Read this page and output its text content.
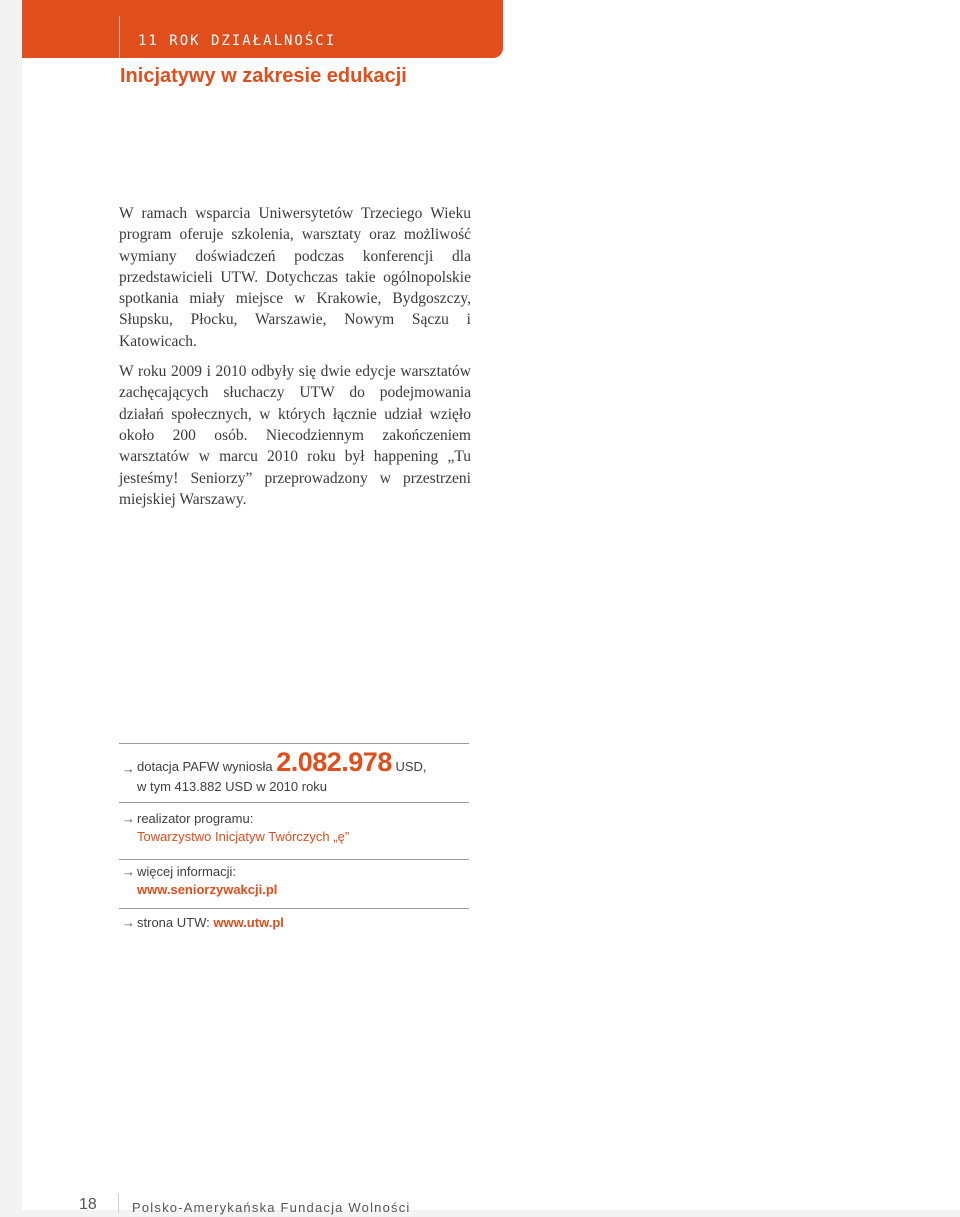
11 ROK DZIAŁALNOŚCI
Inicjatywy w zakresie edukacji

W ramach wsparcia Uniwersytetów Trzeciego Wieku program oferuje szkolenia, warsztaty oraz możliwość wymiany doświadczeń podczas konferencji dla przedstawicieli UTW. Dotychczas takie ogólnopolskie spotkania miały miejsce w Krakowie, Bydgoszczy, Słupsku, Płocku, Warszawie, Nowym Sączu i Katowicach.

W roku 2009 i 2010 odbyły się dwie edycje warsztatów zachęcających słuchaczy UTW do podejmowania działań społecznych, w których łącznie udział wzięło około 200 osób. Niecodziennym zakończeniem warsztatów w marcu 2010 roku był happening „Tu jesteśmy! Seniorzy” przeprowadzony w przestrzeni miejskiej Warszawy.

→ dotacja PAFW wyniosła 2.082.978 USD,
w tym 413.882 USD w 2010 roku
→ realizator programu:
Towarzystwo Inicjatyw Twórczych „ę”
→ więcej informacji:
www.seniorzywakcji.pl
→ strona UTW: www.utw.pl
18	Polsko-Amerykańska Fundacja Wolności
